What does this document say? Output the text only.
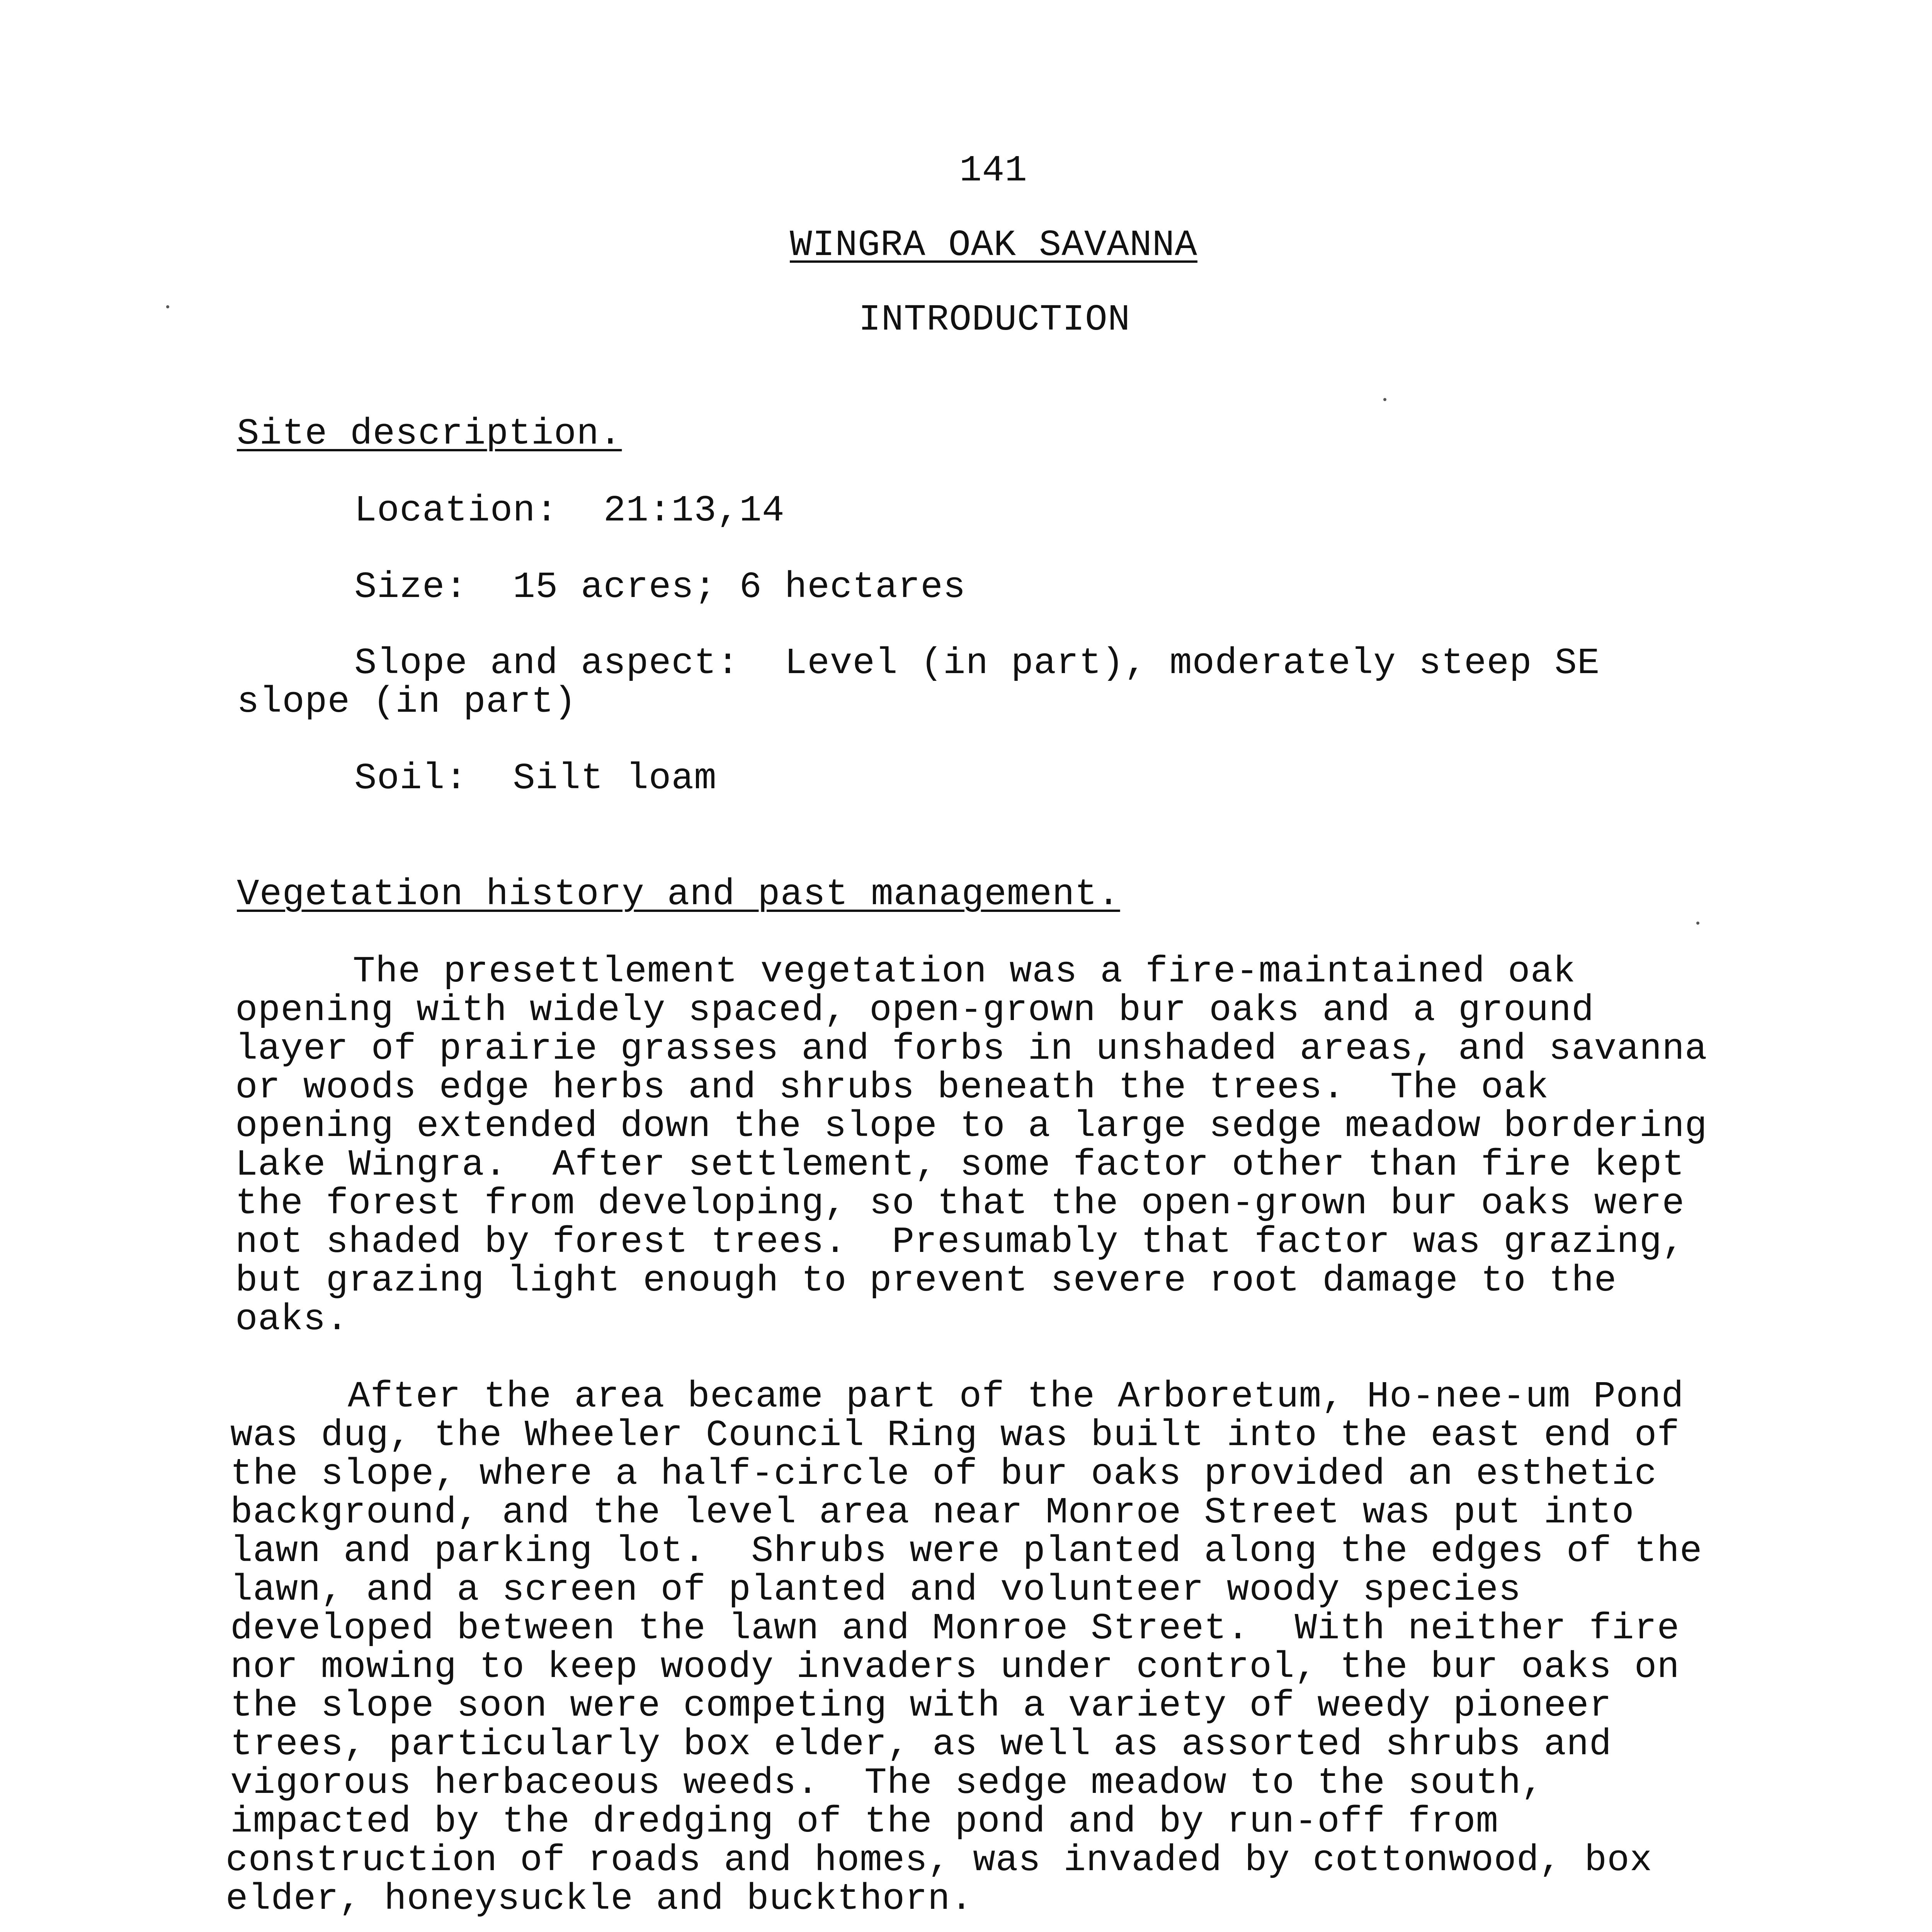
141
WINGRA OAK SAVANNA
INTRODUCTION
Site description.
Location:  21:13,14
Size:  15 acres; 6 hectares
Slope and aspect:  Level (in part), moderately steep SE
slope (in part)
Soil:  Silt loam
Vegetation history and past management.
The presettlement vegetation was a fire-maintained oak
opening with widely spaced, open-grown bur oaks and a ground
layer of prairie grasses and forbs in unshaded areas, and savanna
or woods edge herbs and shrubs beneath the trees.  The oak
opening extended down the slope to a large sedge meadow bordering
Lake Wingra.  After settlement, some factor other than fire kept
the forest from developing, so that the open-grown bur oaks were
not shaded by forest trees.  Presumably that factor was grazing,
but grazing light enough to prevent severe root damage to the
oaks.
After the area became part of the Arboretum, Ho-nee-um Pond
was dug, the Wheeler Council Ring was built into the east end of
the slope, where a half-circle of bur oaks provided an esthetic
background, and the level area near Monroe Street was put into
lawn and parking lot.  Shrubs were planted along the edges of the
lawn, and a screen of planted and volunteer woody species
developed between the lawn and Monroe Street.  With neither fire
nor mowing to keep woody invaders under control, the bur oaks on
the slope soon were competing with a variety of weedy pioneer
trees, particularly box elder, as well as assorted shrubs and
vigorous herbaceous weeds.  The sedge meadow to the south,
impacted by the dredging of the pond and by run-off from
construction of roads and homes, was invaded by cottonwood, box
elder, honeysuckle and buckthorn.
